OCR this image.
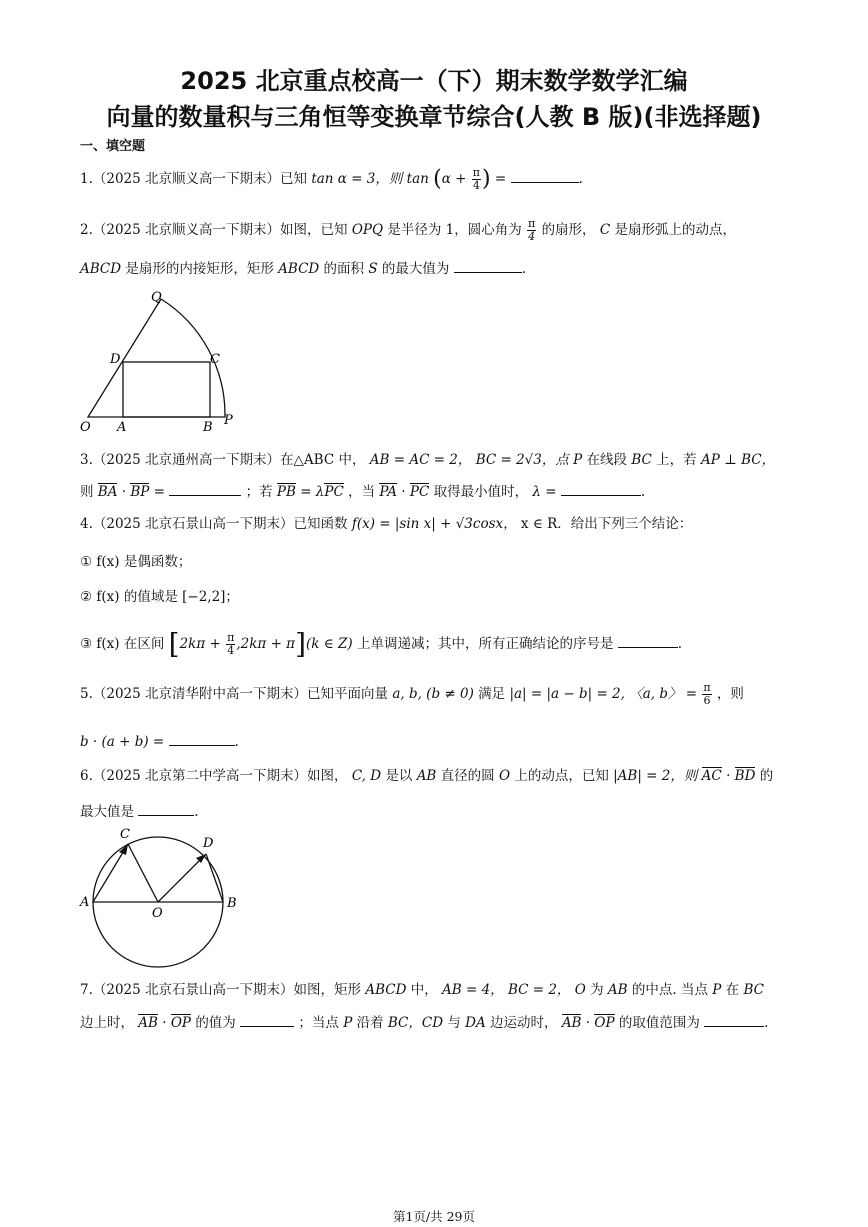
2025 北京重点校高一（下）期末数学数学汇编
向量的数量积与三角恒等变换章节综合(人教 B 版)(非选择题)
一、填空题
1.（2025 北京顺义高一下期末）已知 tan α = 3，则 $\tan (\alpha + \frac{\pi}{4}$ ) =	.
2.（2025 北京顺义高一下期末）如图，已知 OPQ 是半径为 1，圆心角为 $\frac{\pi}{4}$ 的扇形， C 是扇形弧上的动点，
ABCD 是扇形的内接矩形，矩形 ABCD 的面积 S 的最大值为	.
O A	B P
C
D
Q
3.（2025 北京通州高一下期末）在△ABC 中， AB = AC = 2， BC = 2√3，点 P 在线段 BC 上，若 AP ⊥ BC，
则 BA · BP =	；若 PB = λPC ，当 PA · PC 取得最小值时， λ =	.
4.（2025 北京石景山高一下期末）已知函数 f(x) = |sin x| + √3cosx， x ∈ R．给出下列三个结论：
① f(x) 是偶函数；
② f(x) 的值域是 [−2,2]；
③ f(x) 在区间 $[2k\pi + \frac{\pi}{4} ,2k\pi + \pi](k$ ∈ Z) 上单调递减；其中，所有正确结论的序号是	.
5.（2025 北京清华附中高一下期末）已知平面向量 a, b, (b ≠ 0) 满足 |a| = |a − b| = 2, 〈a, b〉 = $\frac{\pi}{6}$ ，则
b · (a + b) =	.
6.（2025 北京第二中学高一下期末）如图， C, D 是以 AB 直径的圆 O 上的动点，已知 |AB| = 2，则 AC · BD 的
最大值是	.
A	B
O
C
D
7.（2025 北京石景山高一下期末）如图，矩形 ABCD 中， AB = 4， BC = 2， O 为 AB 的中点. 当点 P 在 BC
边上时， AB · OP 的值为	；当点 P 沿着 BC，CD 与 DA 边运动时， AB · OP 的取值范围为	.
第1页/共 29页
